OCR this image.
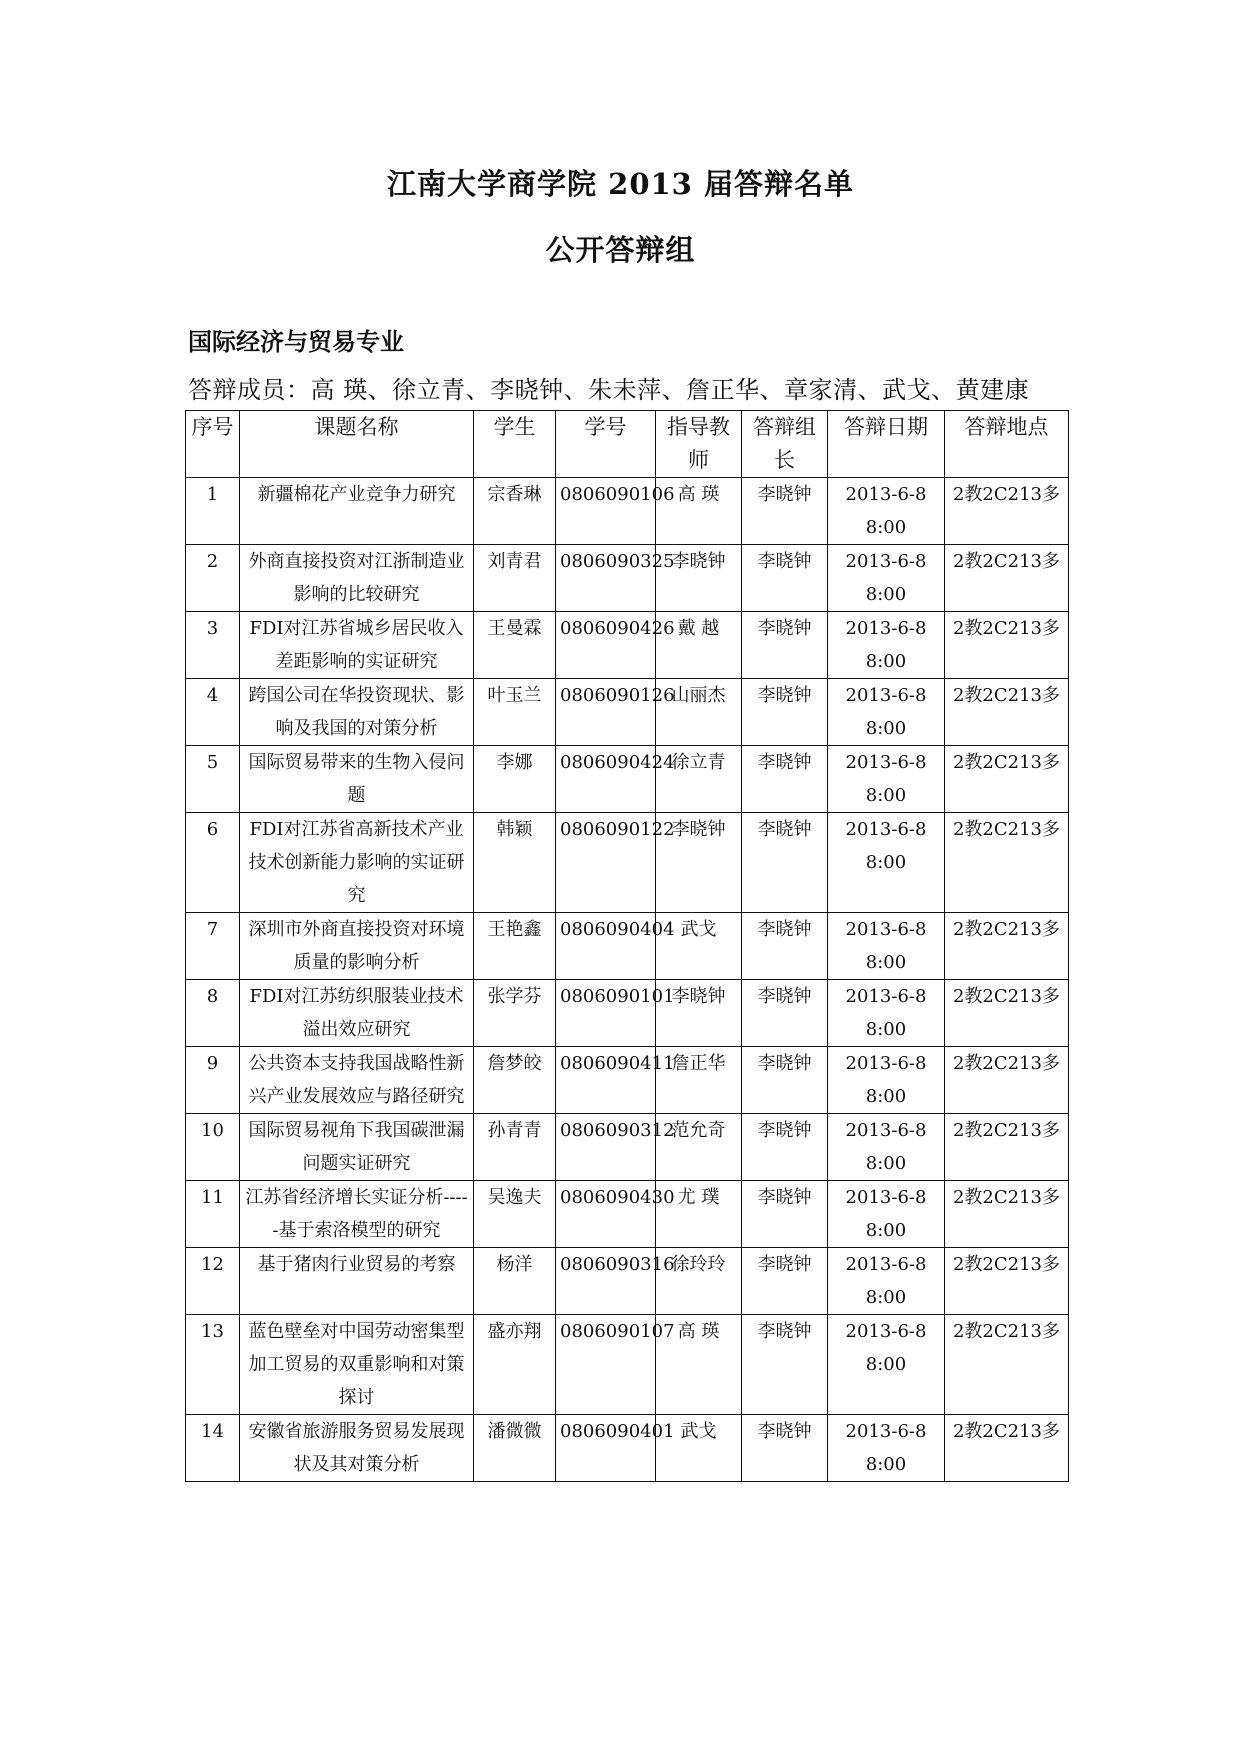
江南大学商学院 2013 届答辩名单
公开答辩组
国际经济与贸易专业
答辩成员：高 瑛、徐立青、李晓钟、朱未萍、詹正华、章家清、武戈、黄建康
序号	课题名称	学生	学号	指导教师	答辩组长	答辩日期	答辩地点
1	新疆棉花产业竞争力研究	宗香琳	0806090106	高 瑛	李晓钟	2013-6-8 8:00	2教2C213多
2	外商直接投资对江浙制造业影响的比较研究	刘青君	0806090325	李晓钟	李晓钟	2013-6-8 8:00	2教2C213多
3	FDI对江苏省城乡居民收入差距影响的实证研究	王曼霖	0806090426	戴 越	李晓钟	2013-6-8 8:00	2教2C213多
4	跨国公司在华投资现状、影响及我国的对策分析	叶玉兰	0806090126	山丽杰	李晓钟	2013-6-8 8:00	2教2C213多
5	国际贸易带来的生物入侵问题	李娜	0806090424	徐立青	李晓钟	2013-6-8 8:00	2教2C213多
6	FDI对江苏省高新技术产业技术创新能力影响的实证研究	韩颖	0806090122	李晓钟	李晓钟	2013-6-8 8:00	2教2C213多
7	深圳市外商直接投资对环境质量的影响分析	王艳鑫	0806090404	武戈	李晓钟	2013-6-8 8:00	2教2C213多
8	FDI对江苏纺织服装业技术溢出效应研究	张学芬	0806090101	李晓钟	李晓钟	2013-6-8 8:00	2教2C213多
9	公共资本支持我国战略性新兴产业发展效应与路径研究	詹梦皎	0806090411	詹正华	李晓钟	2013-6-8 8:00	2教2C213多
10	国际贸易视角下我国碳泄漏问题实证研究	孙青青	0806090312	范允奇	李晓钟	2013-6-8 8:00	2教2C213多
11	江苏省经济增长实证分析-----基于索洛模型的研究	吴逸夫	0806090430	尤 璞	李晓钟	2013-6-8 8:00	2教2C213多
12	基于猪肉行业贸易的考察	杨洋	0806090316	徐玲玲	李晓钟	2013-6-8 8:00	2教2C213多
13	蓝色壁垒对中国劳动密集型加工贸易的双重影响和对策探讨	盛亦翔	0806090107	高 瑛	李晓钟	2013-6-8 8:00	2教2C213多
14	安徽省旅游服务贸易发展现状及其对策分析	潘微微	0806090401	武戈	李晓钟	2013-6-8 8:00	2教2C213多
